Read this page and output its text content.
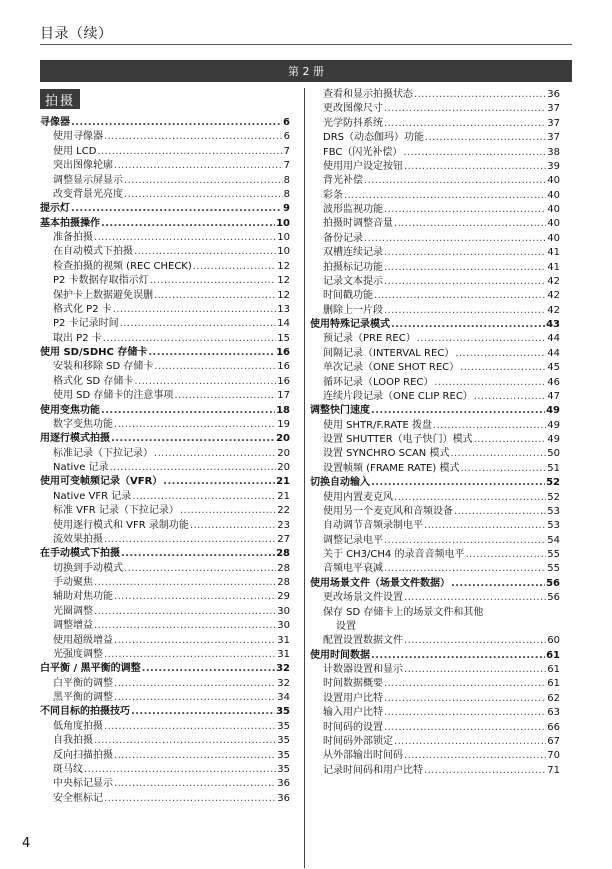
目录（续）
第 2 册
拍摄
寻像器 .....	6
使用寻像器 .....	6
使用 LCD .....	7
突出图像轮廓 .....	7
调整显示屏显示 .....	8
改变背景光亮度 .....	8
提示灯 .....	9
基本拍摄操作 .....	10
准备拍摄 .....	10
在自动模式下拍摄 .....	10
检查拍摄的视频 (REC CHECK) .....	12
P2 卡数据存取指示灯 .....	12
保护卡上数据避免误删 .....	12
格式化 P2 卡 .....	13
P2 卡记录时间 .....	14
取出 P2 卡 .....	15
使用 SD/SDHC 存储卡 .....	16
安装和移除 SD 存储卡 .....	16
格式化 SD 存储卡 .....	16
使用 SD 存储卡的注意事项 .....	17
使用变焦功能 .....	18
数字变焦功能 .....	19
用逐行模式拍摄 .....	20
标准记录（下拉记录） .....	20
Native 记录 .....	20
使用可变帧频记录（VFR） .....	21
Native VFR 记录 .....	21
标准 VFR 记录（下拉记录） .....	22
使用逐行模式和 VFR 录制功能 .....	23
流效果拍摄 .....	27
在手动模式下拍摄 .....	28
切换到手动模式 .....	28
手动聚焦 .....	28
辅助对焦功能 .....	29
光圈调整 .....	30
调整增益 .....	30
使用超级增益 .....	31
光强度调整 .....	31
白平衡 / 黑平衡的调整 .....	32
白平衡的调整 .....	32
黑平衡的调整 .....	34
不同目标的拍摄技巧 .....	35
低角度拍摄 .....	35
自我拍摄 .....	35
反向扫描拍摄 .....	35
斑马纹 .....	35
中央标记显示 .....	36
安全框标记 .....	36
查看和显示拍摄状态 .....	36
更改图像尺寸 .....	37
光学防抖系统 .....	37
DRS（动态伽玛）功能 .....	37
FBC（闪光补偿） .....	38
使用用户设定按钮 .....	39
背光补偿 .....	40
彩条 .....	40
波形监视功能 .....	40
拍摄时调整音量 .....	40
备份记录 .....	40
双槽连续记录 .....	41
拍摄标记功能 .....	41
记录文本提示 .....	42
时间戳功能 .....	42
删除上一片段 .....	42
使用特殊记录模式 .....	43
预记录（PRE REC） .....	44
间隔记录（INTERVAL REC） .....	44
单次记录（ONE SHOT REC） .....	45
循环记录（LOOP REC） .....	46
连续片段记录（ONE CLIP REC） .....	47
调整快门速度 .....	49
使用 SHTR/F.RATE 拨盘 .....	49
设置 SHUTTER（电子快门）模式 .....	49
设置 SYNCHRO SCAN 模式 .....	50
设置帧频 (FRAME RATE) 模式 .....	51
切换自动输入 .....	52
使用内置麦克风 .....	52
使用另一个麦克风和音频设备 .....	53
自动调节音频录制电平 .....	53
调整记录电平 .....	54
关于 CH3/CH4 的录音音频电平 .....	55
音频电平衰减 .....	55
使用场景文件（场景文件数据） .....	56
更改场景文件设置 .....	56
保存 SD 存储卡上的场景文件和其他
设置
配置设置数据文件 .....	60
使用时间数据 .....	61
计数器设置和显示 .....	61
时间数据概要 .....	61
设置用户比特 .....	62
输入用户比特 .....	63
时间码的设置 .....	66
时间码外部锁定 .....	67
从外部输出时间码 .....	70
记录时间码和用户比特 .....	71
4
